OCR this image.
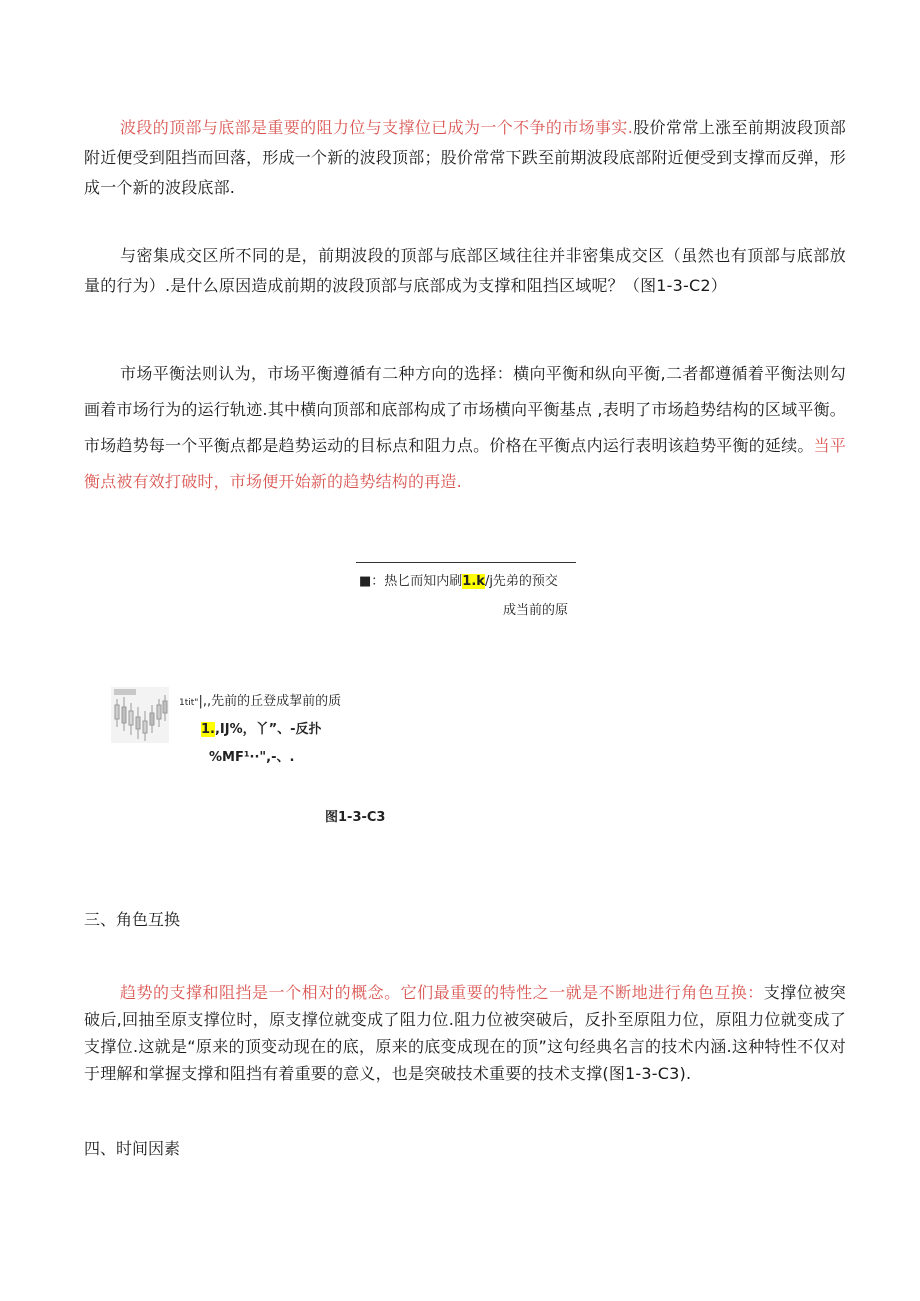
波段的顶部与底部是重要的阻力位与支撑位已成为一个不争的市场事实.股价常常上涨至前期波段顶部附近便受到阻挡而回落，形成一个新的波段顶部；股价常常下跌至前期波段底部附近便受到支撑而反弹，形成一个新的波段底部.

与密集成交区所不同的是，前期波段的顶部与底部区域往往并非密集成交区（虽然也有顶部与底部放量的行为）.是什么原因造成前期的波段顶部与底部成为支撑和阻挡区域呢？（图1-3-C2）

市场平衡法则认为，市场平衡遵循有二种方向的选择：横向平衡和纵向平衡,二者都遵循着平衡法则勾画着市场行为的运行轨迹.其中横向顶部和底部构成了市场横向平衡基点 ,表明了市场趋势结构的区域平衡。市场趋势每一个平衡点都是趋势运动的目标点和阻力点。价格在平衡点内运行表明该趋势平衡的延续。当平衡点被有效打破时，市场便开始新的趋势结构的再造.

■：热匕而知内刷1.k/j先弟的预交
成当前的原
1tit"|,,先前的丘登成挈前的质
1.,IJ%，丫”、-反扑
%MF¹··",-、.
图1-3-C3
三、角色互换

趋势的支撑和阻挡是一个相对的概念。它们最重要的特性之一就是不断地进行角色互换：支撑位被突破后,回抽至原支撑位时，原支撑位就变成了阻力位.阻力位被突破后，反扑至原阻力位，原阻力位就变成了支撑位.这就是“原来的顶变动现在的底，原来的底变成现在的顶”这句经典名言的技术内涵.这种特性不仅对于理解和掌握支撑和阻挡有着重要的意义，也是突破技术重要的技术支撑(图1-3-C3).

四、时间因素
